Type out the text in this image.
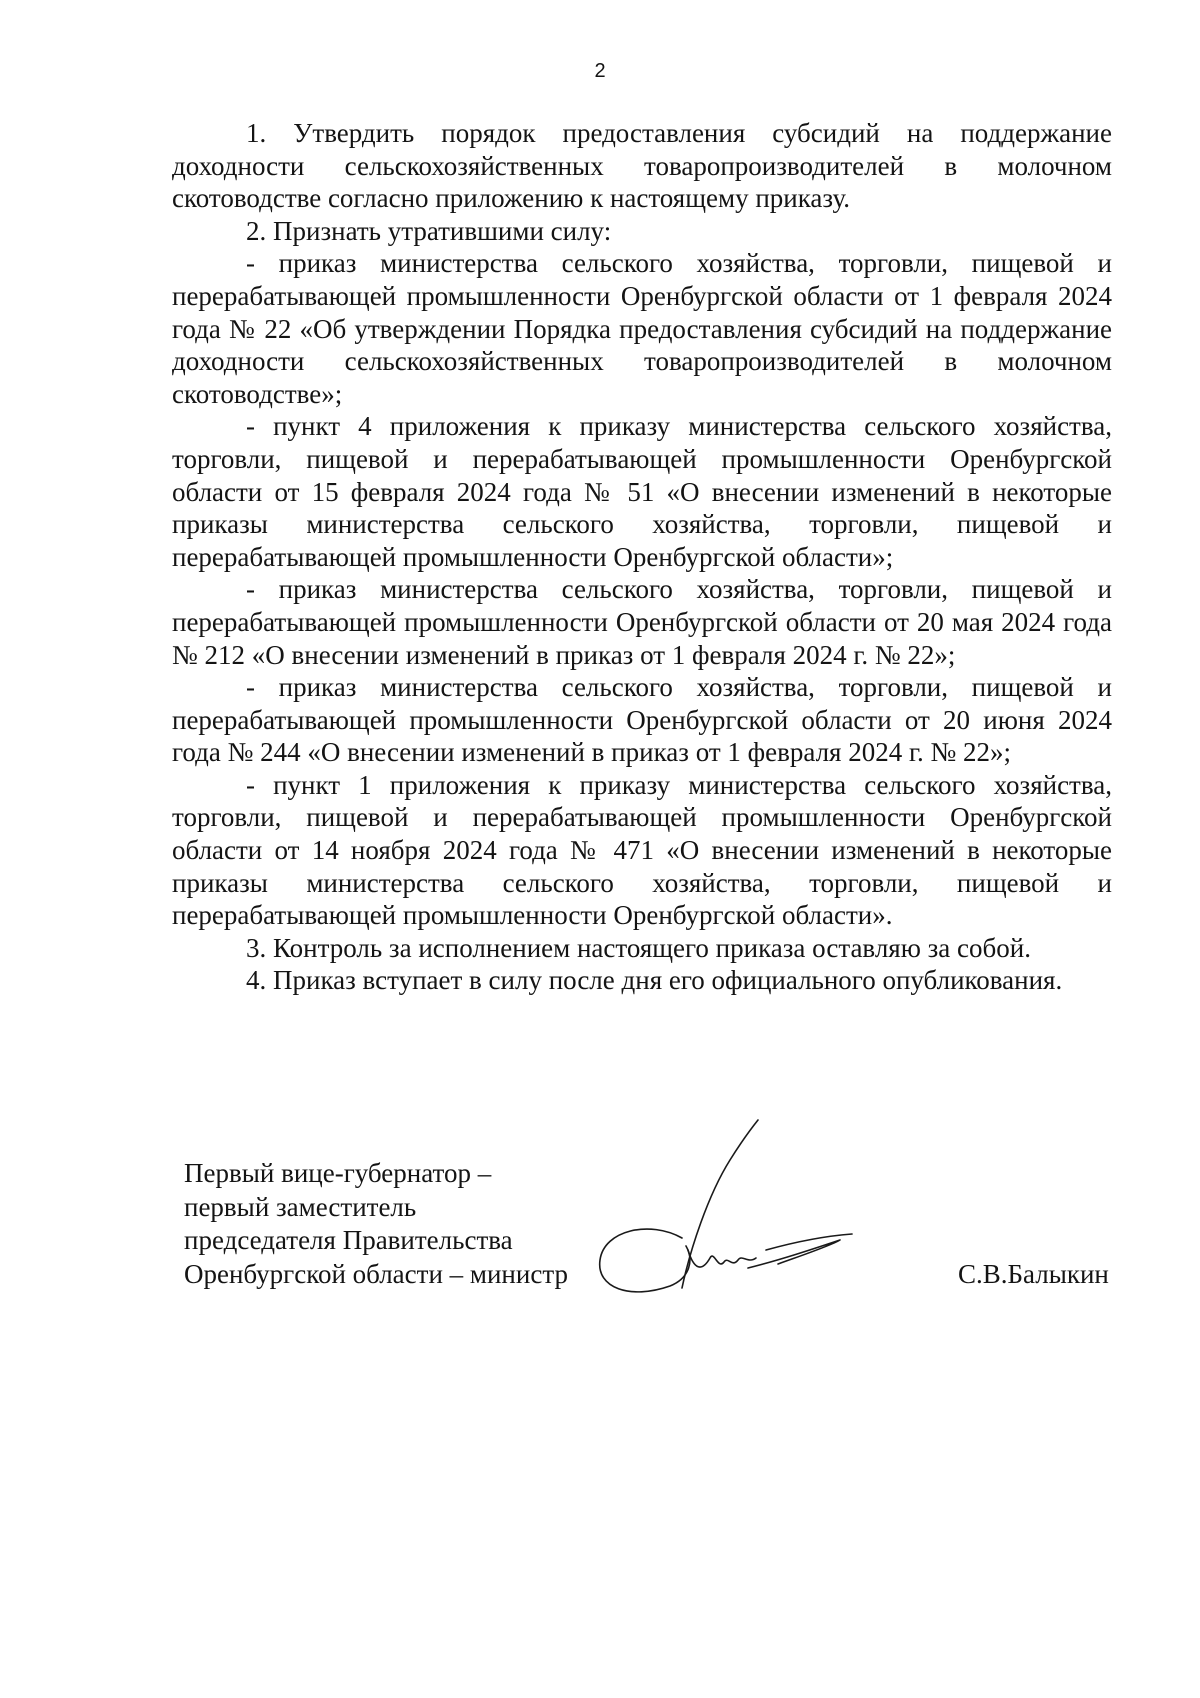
2

1. Утвердить порядок предоставления субсидий на поддержание доходности сельскохозяйственных товаропроизводителей в молочном скотоводстве согласно приложению к настоящему приказу.

2. Признать утратившими силу:

- приказ министерства сельского хозяйства, торговли, пищевой и перерабатывающей промышленности Оренбургской области от 1 февраля 2024 года № 22 «Об утверждении Порядка предоставления субсидий на поддержание доходности сельскохозяйственных товаропроизводителей в молочном скотоводстве»;

- пункт 4 приложения к приказу министерства сельского хозяйства, торговли, пищевой и перерабатывающей промышленности Оренбургской области от 15 февраля 2024 года № 51 «О внесении изменений в некоторые приказы министерства сельского хозяйства, торговли, пищевой и перерабатывающей промышленности Оренбургской области»;

- приказ министерства сельского хозяйства, торговли, пищевой и перерабатывающей промышленности Оренбургской области от 20 мая 2024 года № 212 «О внесении изменений в приказ от 1 февраля 2024 г. № 22»;

- приказ министерства сельского хозяйства, торговли, пищевой и перерабатывающей промышленности Оренбургской области от 20 июня 2024 года № 244 «О внесении изменений в приказ от 1 февраля 2024 г. № 22»;

- пункт 1 приложения к приказу министерства сельского хозяйства, торговли, пищевой и перерабатывающей промышленности Оренбургской области от 14 ноября 2024 года № 471 «О внесении изменений в некоторые приказы министерства сельского хозяйства, торговли, пищевой и перерабатывающей промышленности Оренбургской области».

3. Контроль за исполнением настоящего приказа оставляю за собой.

4. Приказ вступает в силу после дня его официального опубликования.

Первый вице-губернатор –
первый заместитель
председателя Правительства
Оренбургской области – министр	С.В.Балыкин
